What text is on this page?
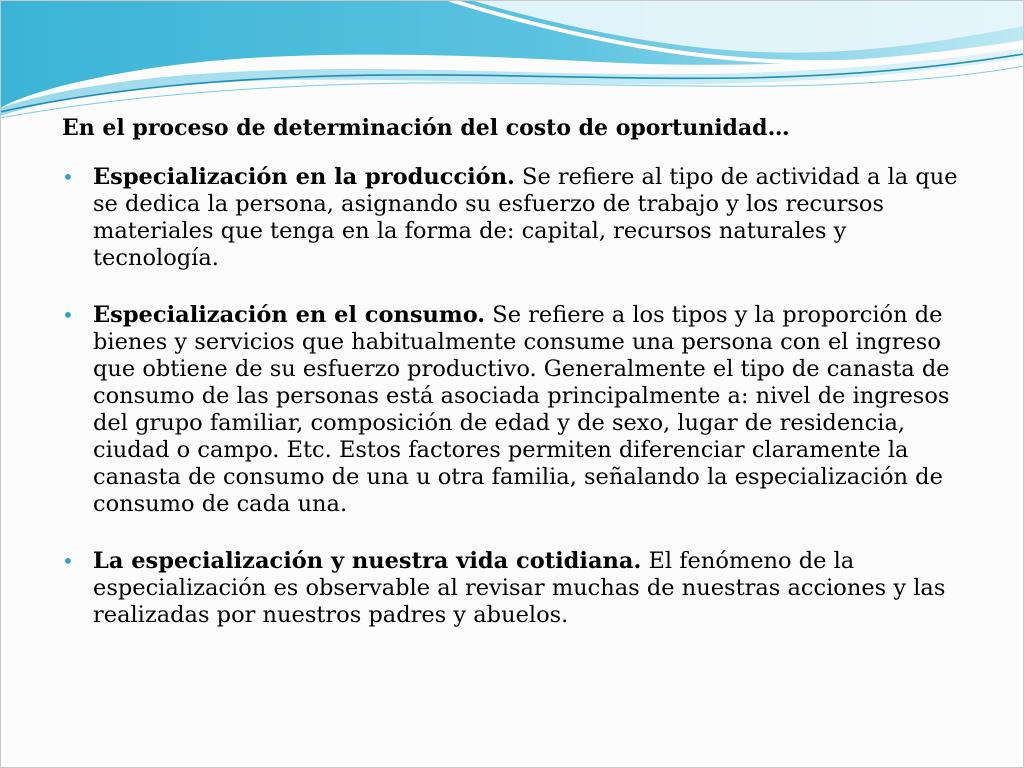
En el proceso de determinación del costo de oportunidad…

• Especialización en la producción. Se refiere al tipo de actividad a la que se dedica la persona, asignando su esfuerzo de trabajo y los recursos materiales que tenga en la forma de: capital, recursos naturales y tecnología.
• Especialización en el consumo. Se refiere a los tipos y la proporción de bienes y servicios que habitualmente consume una persona con el ingreso que obtiene de su esfuerzo productivo. Generalmente el tipo de canasta de consumo de las personas está asociada principalmente a: nivel de ingresos del grupo familiar, composición de edad y de sexo, lugar de residencia, ciudad o campo. Etc. Estos factores permiten diferenciar claramente la canasta de consumo de una u otra familia, señalando la especialización de consumo de cada una.
• La especialización y nuestra vida cotidiana. El fenómeno de la especialización es observable al revisar muchas de nuestras acciones y las realizadas por nuestros padres y abuelos.
